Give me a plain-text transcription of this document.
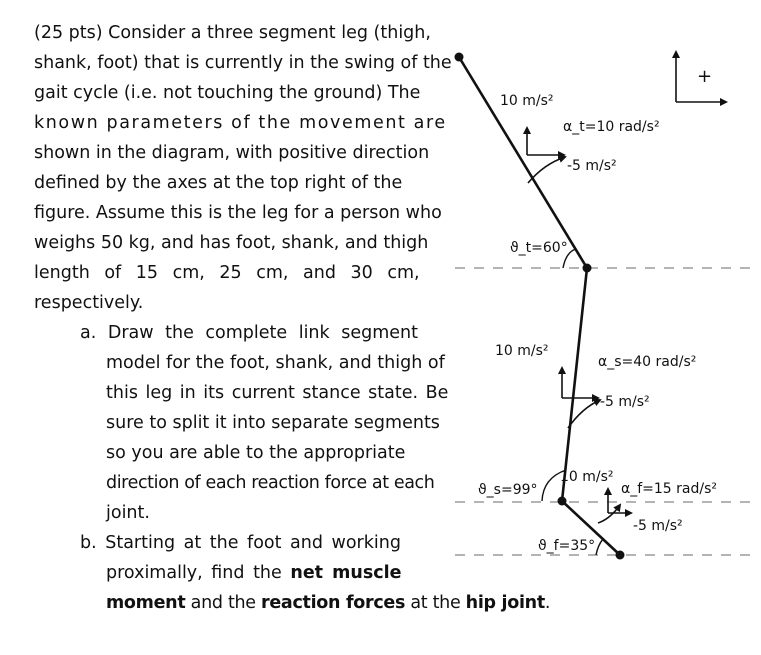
(25 pts) Consider a three segment leg (thigh,
shank, foot) that is currently in the swing of the
gait cycle (i.e. not touching the ground) The
known parameters of the movement are
shown in the diagram, with positive direction
defined by the axes at the top right of the
figure. Assume this is the leg for a person who
weighs 50 kg, and has foot, shank, and thigh
length of 15 cm, 25 cm, and 30 cm,
respectively.
a. Draw the complete link segment
model for the foot, shank, and thigh of
this leg in its current stance state. Be
sure to split it into separate segments
so you are able to the appropriate
direction of each reaction force at each
joint.
b. Starting at the foot and working
proximally, find the net muscle
moment and the reaction forces at the hip joint.
+
10 m/s²
α_t=10 rad/s²
-5 m/s²
ϑ_t=60°
10 m/s²
α_s=40 rad/s²
-5 m/s²
ϑ_s=99°
10 m/s²
α_f=15 rad/s²
-5 m/s²
ϑ_f=35°
